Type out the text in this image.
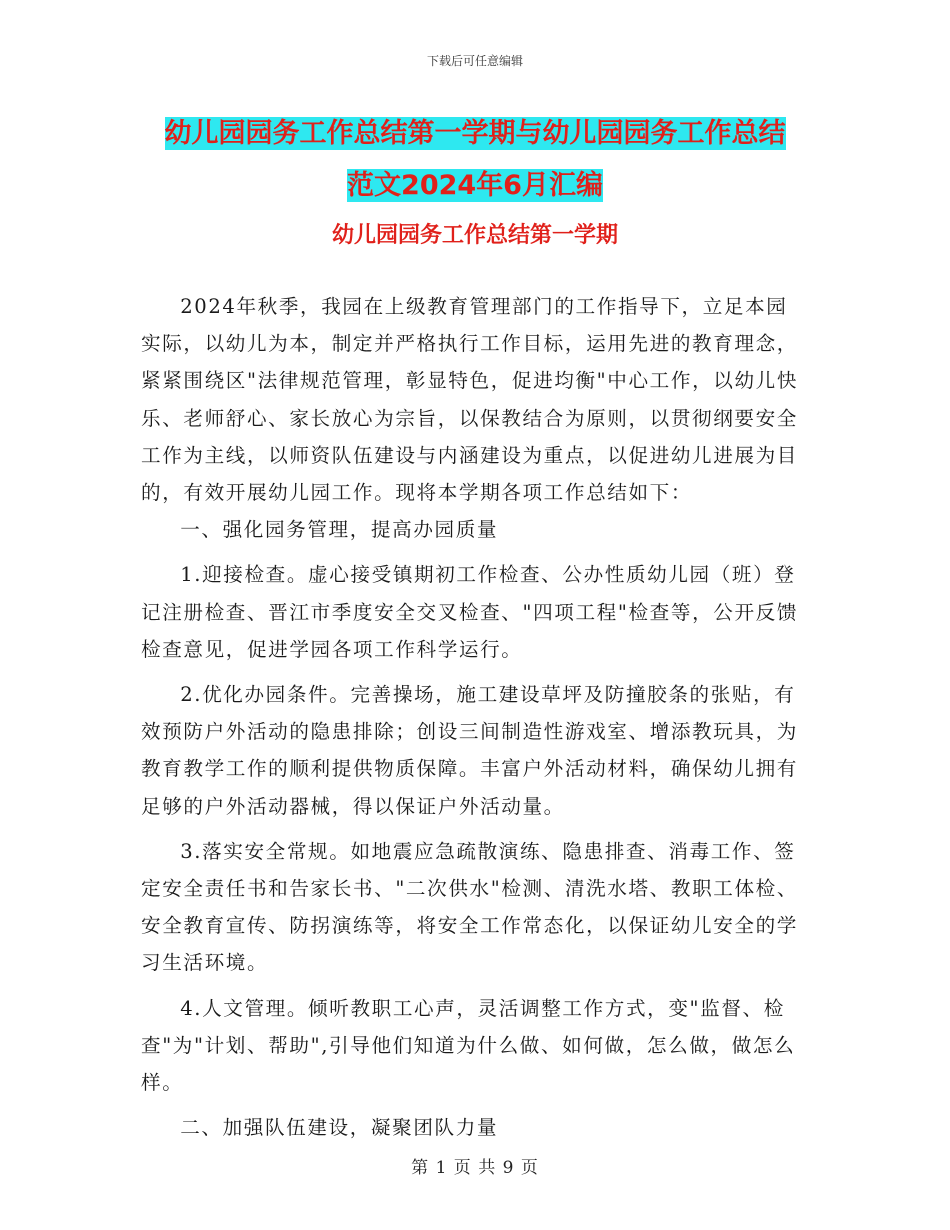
下载后可任意编辑
幼儿园园务工作总结第一学期与幼儿园园务工作总结
范文2024年6月汇编
幼儿园园务工作总结第一学期

2024年秋季，我园在上级教育管理部门的工作指导下，立足本园实际，以幼儿为本，制定并严格执行工作目标，运用先进的教育理念，紧紧围绕区"法律规范管理，彰显特色，促进均衡"中心工作，以幼儿快乐、老师舒心、家长放心为宗旨，以保教结合为原则，以贯彻纲要安全工作为主线，以师资队伍建设与内涵建设为重点，以促进幼儿进展为目的，有效开展幼儿园工作。现将本学期各项工作总结如下：

一、强化园务管理，提高办园质量

1.迎接检查。虚心接受镇期初工作检查、公办性质幼儿园（班）登记注册检查、晋江市季度安全交叉检查、"四项工程"检查等，公开反馈检查意见，促进学园各项工作科学运行。

2.优化办园条件。完善操场，施工建设草坪及防撞胶条的张贴，有效预防户外活动的隐患排除；创设三间制造性游戏室、增添教玩具，为教育教学工作的顺利提供物质保障。丰富户外活动材料，确保幼儿拥有足够的户外活动器械，得以保证户外活动量。

3.落实安全常规。如地震应急疏散演练、隐患排查、消毒工作、签定安全责任书和告家长书、"二次供水"检测、清洗水塔、教职工体检、安全教育宣传、防拐演练等，将安全工作常态化，以保证幼儿安全的学习生活环境。

4.人文管理。倾听教职工心声，灵活调整工作方式，变"监督、检查"为"计划、帮助",引导他们知道为什么做、如何做，怎么做，做怎么样。

二、加强队伍建设，凝聚团队力量

第 1 页 共 9 页
